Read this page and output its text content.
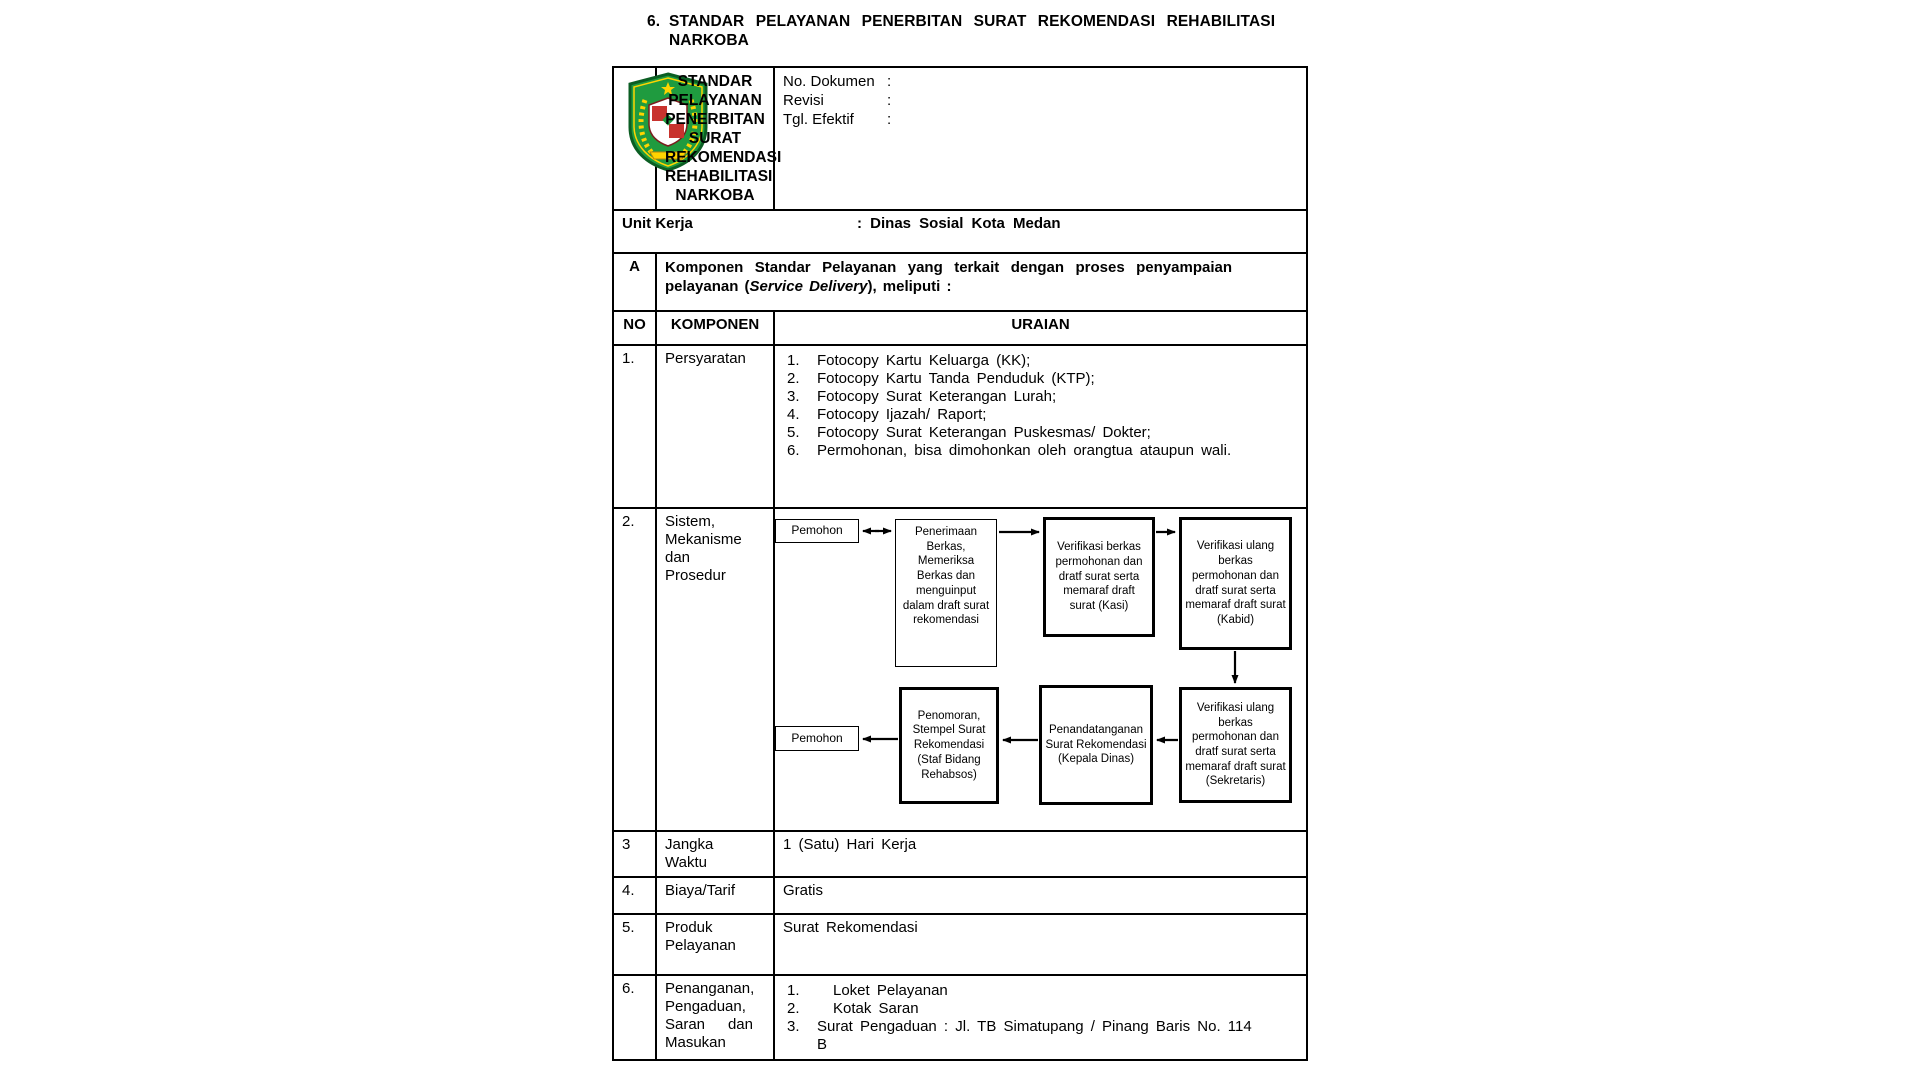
6. STANDAR PELAYANAN PENERBITAN SURAT REKOMENDASI REHABILITASI
NARKOBA

STANDAR PELAYANAN
PENERBITAN SURAT
REKOMENDASI REHABILITASI
NARKOBA

No. Dokumen :
Revisi	:
Tgl. Efektif :

Unit Kerja : Dinas Sosial Kota Medan		
A	Komponen Standar Pelayanan yang terkait dengan proses penyampaian pelayanan (Service Delivery), meliputi :	

NO	KOMPONEN	URAIAN
1.	Persyaratan	1.	Fotocopy Kartu Keluarga (KK);
2.	Fotocopy Kartu Tanda Penduduk (KTP);
3.	Fotocopy Surat Keterangan Lurah;
4.	Fotocopy Ijazah/ Raport;
5.	Fotocopy Surat Keterangan Puskesmas/ Dokter;
6.	Permohonan, bisa dimohonkan oleh orangtua ataupun wali.

2.	Sistem, Mekanisme dan Prosedur

Pemohon	Penerimaan Berkas, Memeriksa Berkas dan menguinput dalam draft surat rekomendasi
Verifikasi berkas permohonan dan dratf surat serta memaraf draft surat (Kasi)
Verifikasi ulang berkas permohonan dan dratf surat serta memaraf draft surat (Kabid)
Verifikasi ulang berkas permohonan dan dratf surat serta memaraf draft surat (Sekretaris)
Penandatanganan Surat Rekomendasi (Kepala Dinas)
Penomoran, Stempel Surat Rekomendasi (Staf Bidang Rehabsos)
Pemohon

3	Jangka Waktu	1 (Satu) Hari Kerja
4.	Biaya/Tarif	Gratis
5.	Produk Pelayanan	Surat Rekomendasi
6.	Penanganan, Pengaduan, Saran dan Masukan

1.	Loket Pelayanan
2.	Kotak Saran
3.	Surat Pengaduan : Jl. TB Simatupang / Pinang Baris No. 114 B
